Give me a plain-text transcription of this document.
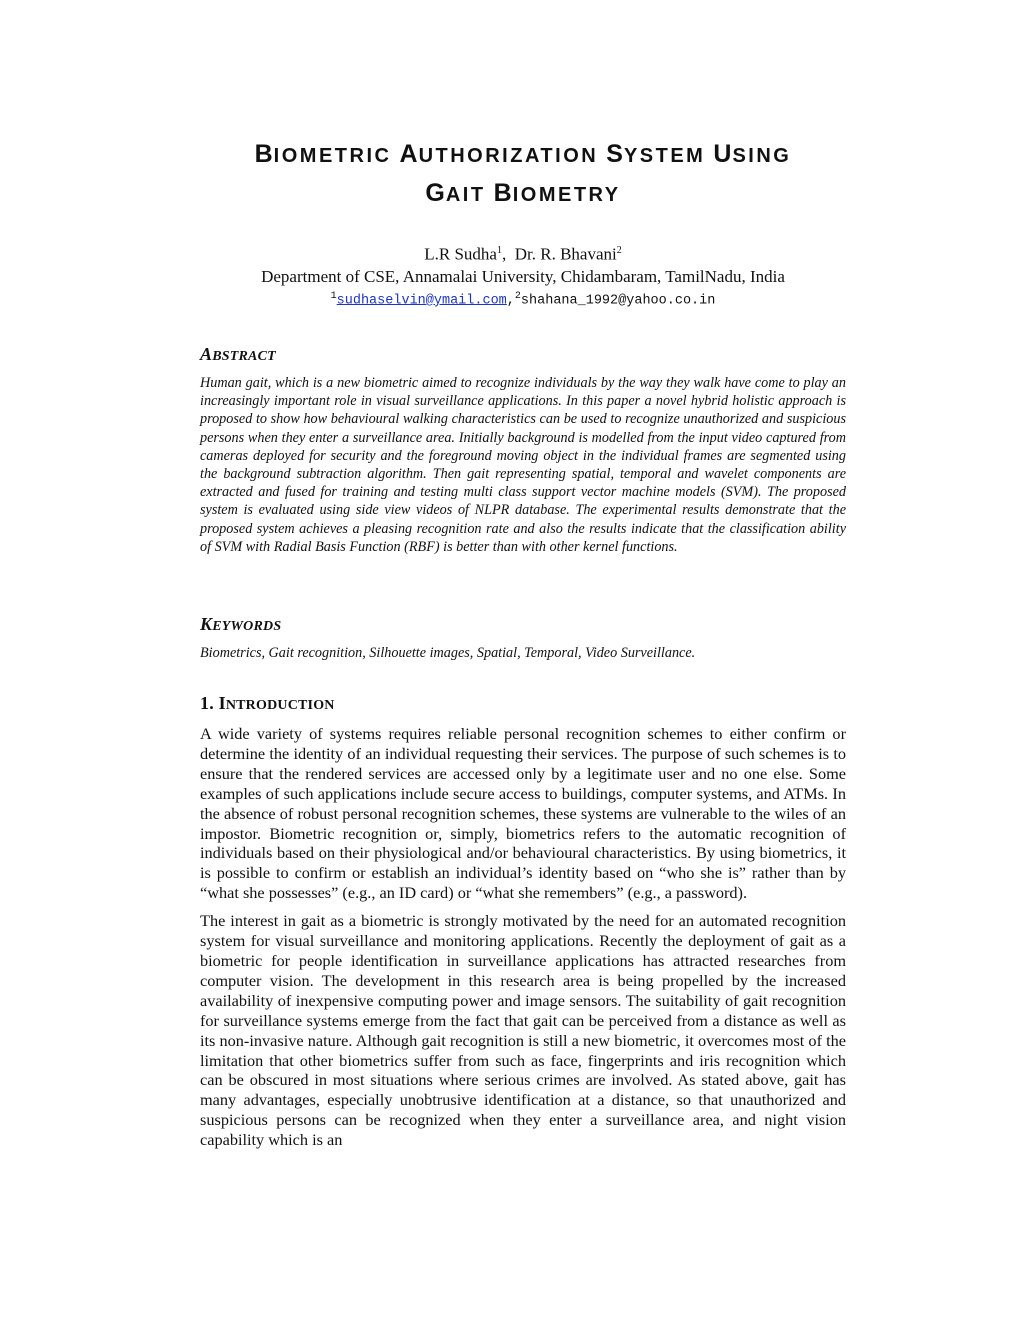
BIOMETRIC AUTHORIZATION SYSTEM USING
GAIT BIOMETRY
L.R Sudha$^1$,  Dr. R. Bhavani$^2$
Department of CSE, Annamalai University, Chidambaram, TamilNadu, India
$^1$sudhaselvin@ymail.com,$^2$shahana_1992@yahoo.co.in
ABSTRACT
Human gait, which is a new biometric aimed to recognize individuals by the way they walk have come to play an increasingly important role in visual surveillance applications. In this paper a novel hybrid holistic approach is proposed to show how behavioural walking characteristics can be used to recognize unauthorized and suspicious persons when they enter a surveillance area. Initially background is modelled from the input video captured from cameras deployed for security and the foreground moving object in the individual frames are segmented using the background subtraction algorithm. Then gait representing spatial, temporal and wavelet components are extracted and fused for training and testing multi class support vector machine models (SVM). The proposed system is evaluated using side view videos of NLPR database. The experimental results demonstrate that the proposed system achieves a pleasing recognition rate and also the results indicate that the classification ability of SVM with Radial Basis Function (RBF) is better than with other kernel functions.
KEYWORDS
Biometrics, Gait recognition, Silhouette images, Spatial, Temporal, Video Surveillance.
1. INTRODUCTION

A wide variety of systems requires reliable personal recognition schemes to either confirm or determine the identity of an individual requesting their services. The purpose of such schemes is to ensure that the rendered services are accessed only by a legitimate user and no one else. Some examples of such applications include secure access to buildings, computer systems, and ATMs. In the absence of robust personal recognition schemes, these systems are vulnerable to the wiles of an impostor. Biometric recognition or, simply, biometrics refers to the automatic recognition of individuals based on their physiological and/or behavioural characteristics. By using biometrics, it is possible to confirm or establish an individual’s identity based on “who she is” rather than by “what she possesses” (e.g., an ID card) or “what she remembers” (e.g., a password).

The interest in gait as a biometric is strongly motivated by the need for an automated recognition system for visual surveillance and monitoring applications. Recently the deployment of gait as a biometric for people identification in surveillance applications has attracted researches from computer vision. The development in this research area is being propelled by the increased availability of inexpensive computing power and image sensors. The suitability of gait recognition for surveillance systems emerge from the fact that gait can be perceived from a distance as well as its non-invasive nature. Although gait recognition is still a new biometric, it overcomes most of the limitation that other biometrics suffer from such as face, fingerprints and iris recognition which can be obscured in most situations where serious crimes are involved. As stated above, gait has many advantages, especially unobtrusive identification at a distance, so that unauthorized and suspicious persons can be recognized when they enter a surveillance area, and night vision capability which is an
